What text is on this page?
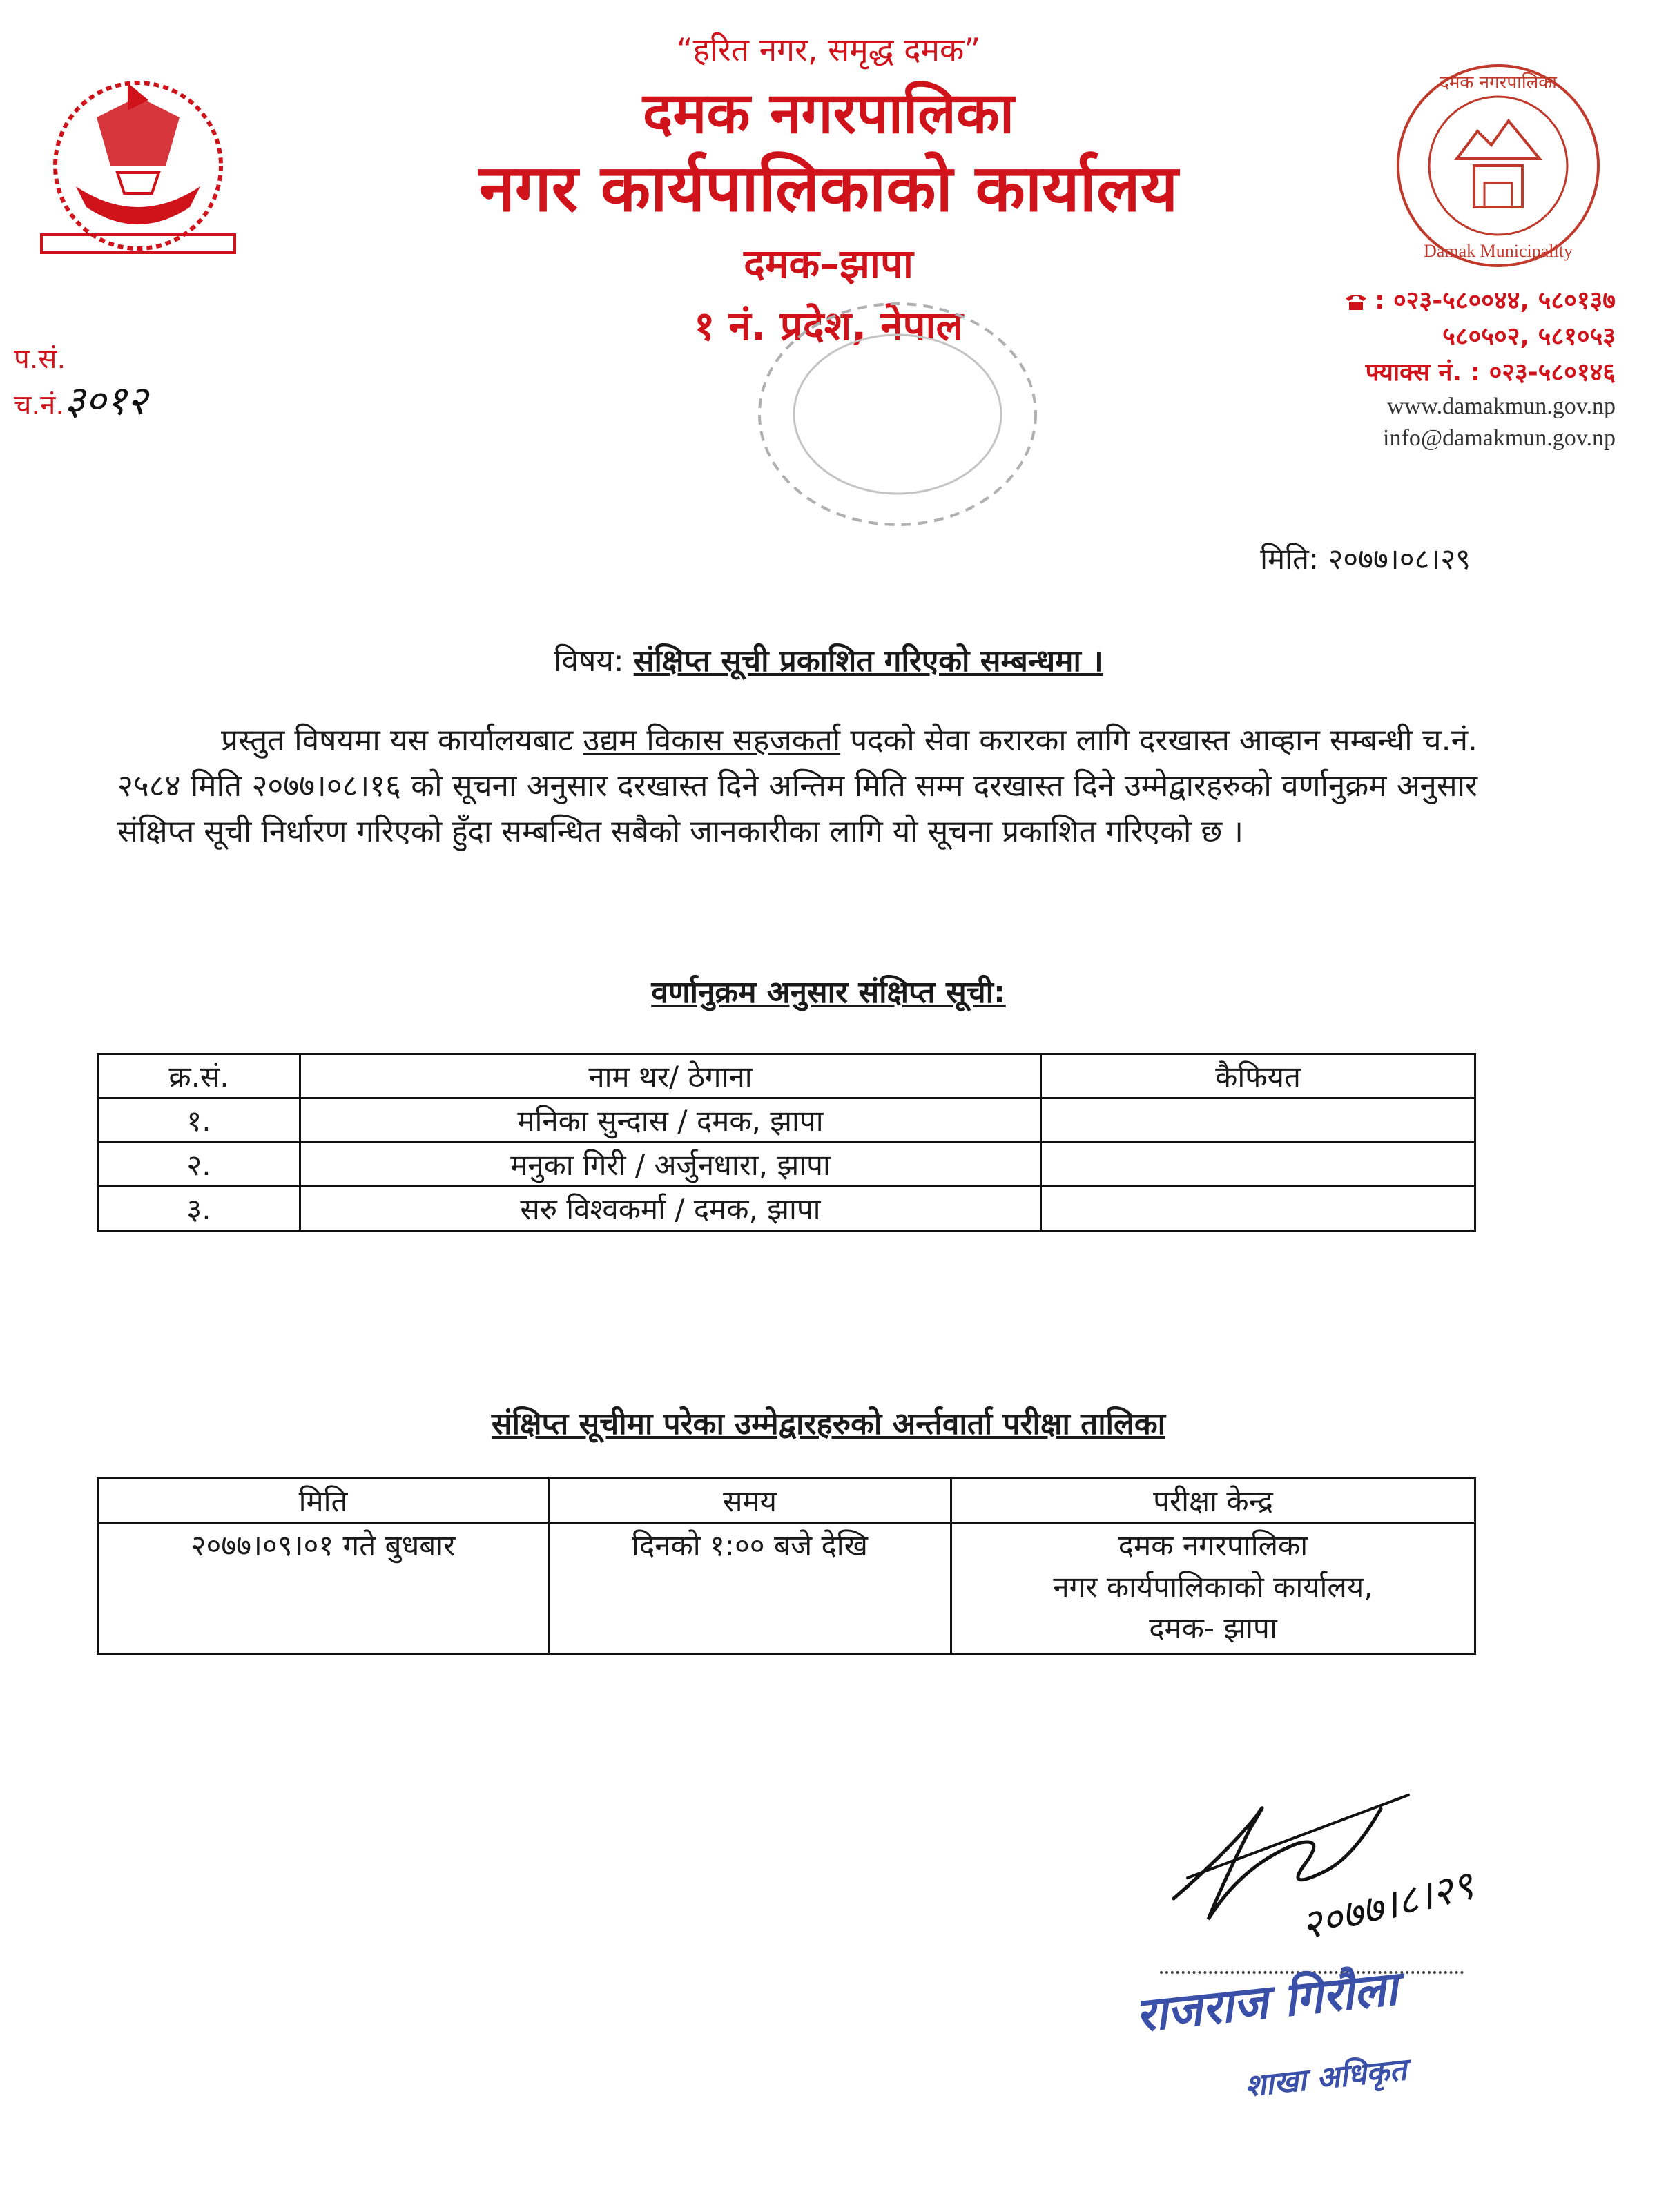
दमक नगरपालिका
Damak Municipality
“हरित नगर, समृद्ध दमक”
दमक नगरपालिका
नगर कार्यपालिकाको कार्यालय
दमक–झापा
१ नं. प्रदेश, नेपाल
: ०२३-५८००४४, ५८०१३७
५८०५०२, ५८१०५३
फ्याक्स नं. : ०२३-५८०१४६
www.damakmun.gov.np
info@damakmun.gov.np
प.सं.
च.नं.३०१२
मिति: २०७७।०८।२९
विषय: संक्षिप्त सूची प्रकाशित गरिएको सम्बन्धमा ।
प्रस्तुत विषयमा यस कार्यालयबाट उद्यम विकास सहजकर्ता पदको सेवा करारका लागि दरखास्त आव्हान सम्बन्धी च.नं. २५८४ मिति २०७७।०८।१६ को सूचना अनुसार दरखास्त दिने अन्तिम मिति सम्म दरखास्त दिने उम्मेद्वारहरुको वर्णानुक्रम अनुसार संक्षिप्त सूची निर्धारण गरिएको हुँदा सम्बन्धित सबैको जानकारीका लागि यो सूचना प्रकाशित गरिएको छ ।
वर्णानुक्रम अनुसार संक्षिप्त सूची:
क्र.सं.	नाम थर/ ठेगाना	कैफियत
१.	मनिका सुन्दास / दमक, झापा	
२.	मनुका गिरी / अर्जुनधारा, झापा	
३.	सरु विश्वकर्मा / दमक, झापा	
संक्षिप्त सूचीमा परेका उम्मेद्वारहरुको अर्न्तवार्ता परीक्षा तालिका
मिति	समय	परीक्षा केन्द्र
२०७७।०९।०१ गते बुधबार	दिनको १:०० बजे देखि	दमक नगरपालिका
नगर कार्यपालिकाको कार्यालय,
दमक- झापा
२०७७।८।२९
राजराज गिरौला
शाखा अधिकृत
